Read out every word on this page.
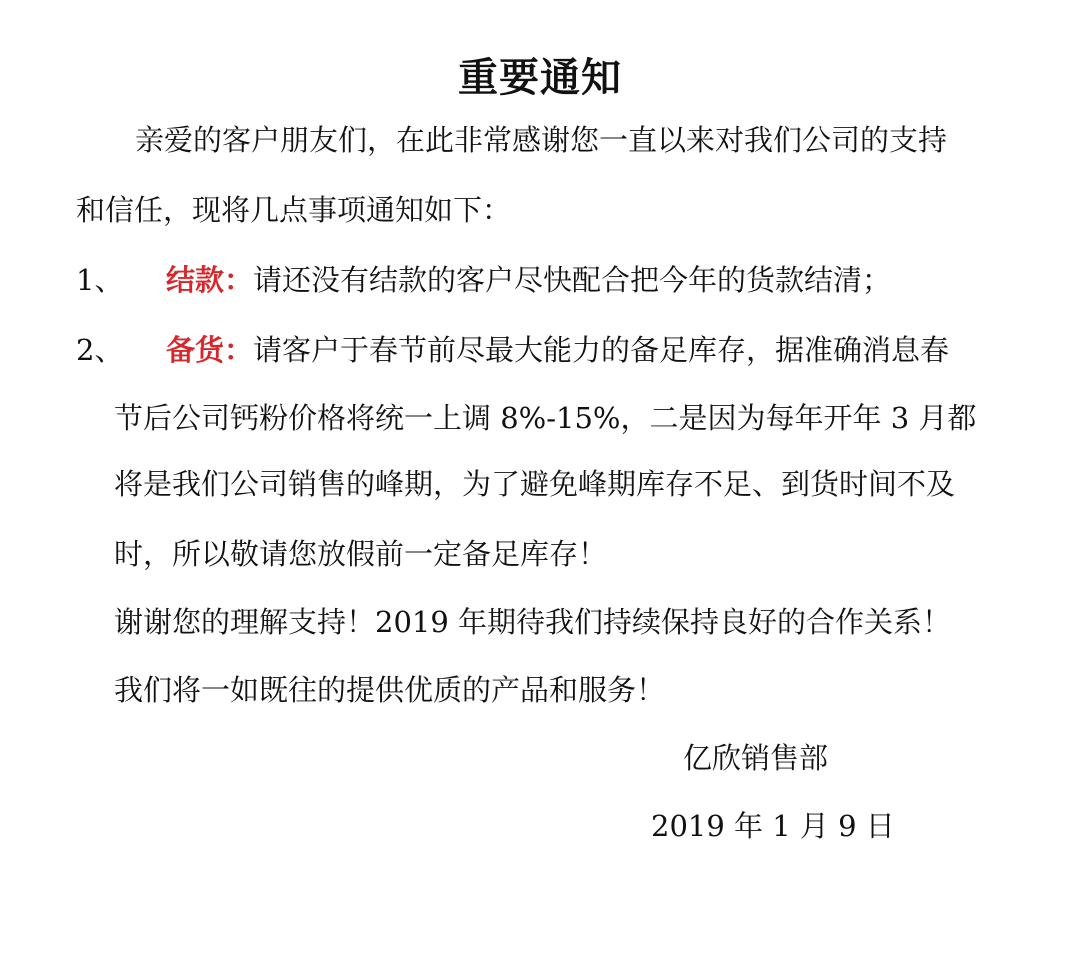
重要通知
亲爱的客户朋友们，在此非常感谢您一直以来对我们公司的支持
和信任，现将几点事项通知如下：
1、 结款：请还没有结款的客户尽快配合把今年的货款结清；
2、 备货：请客户于春节前尽最大能力的备足库存，据准确消息春
节后公司钙粉价格将统一上调 8%-15%，二是因为每年开年 3 月都
将是我们公司销售的峰期，为了避免峰期库存不足、到货时间不及
时，所以敬请您放假前一定备足库存！
谢谢您的理解支持！2019 年期待我们持续保持良好的合作关系！
我们将一如既往的提供优质的产品和服务！
亿欣销售部
2019 年 1 月 9 日
